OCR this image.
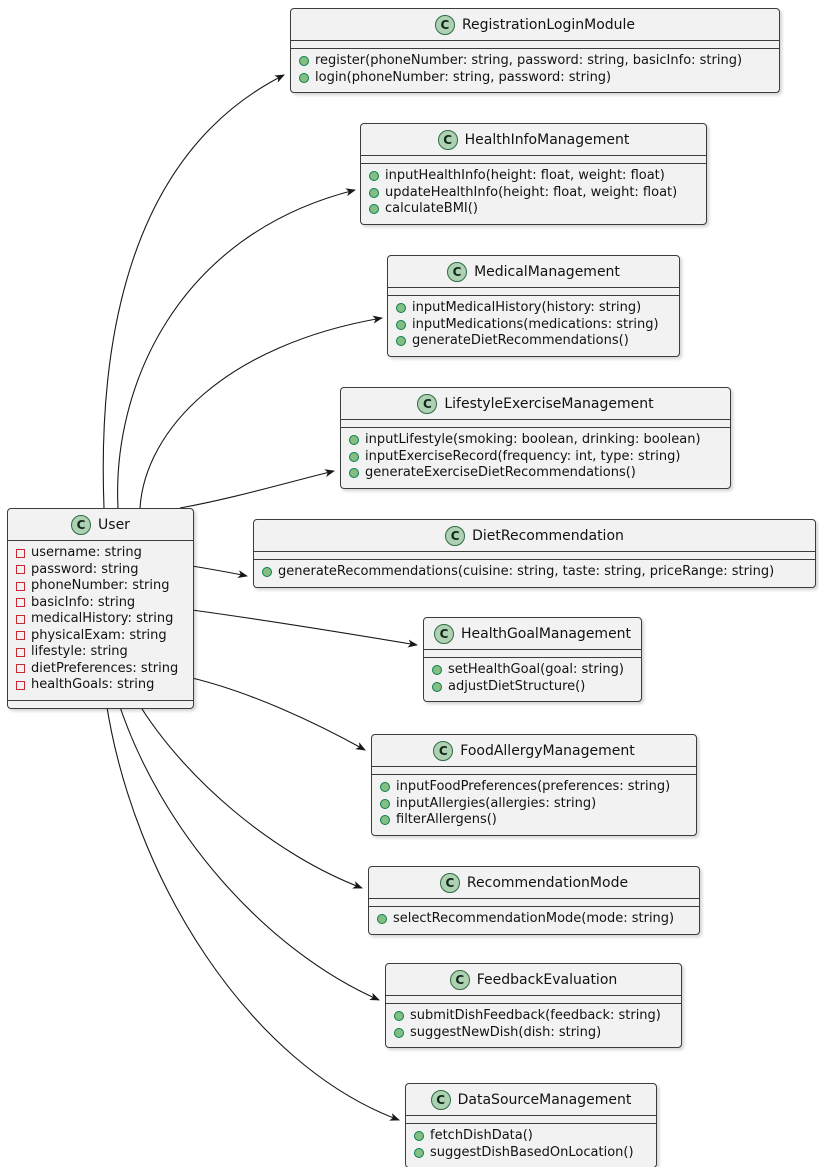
C User
username: string
password: string
phoneNumber: string
basicInfo: string
medicalHistory: string
physicalExam: string
lifestyle: string
dietPreferences: string
healthGoals: string
C RegistrationLoginModule
register(phoneNumber: string, password: string, basicInfo: string)
login(phoneNumber: string, password: string)
C HealthInfoManagement
inputHealthInfo(height: float, weight: float)
updateHealthInfo(height: float, weight: float)
calculateBMI()
C MedicalManagement
inputMedicalHistory(history: string)
inputMedications(medications: string)
generateDietRecommendations()
C LifestyleExerciseManagement
inputLifestyle(smoking: boolean, drinking: boolean)
inputExerciseRecord(frequency: int, type: string)
generateExerciseDietRecommendations()
C DietRecommendation
generateRecommendations(cuisine: string, taste: string, priceRange: string)
C HealthGoalManagement
setHealthGoal(goal: string)
adjustDietStructure()
C FoodAllergyManagement
inputFoodPreferences(preferences: string)
inputAllergies(allergies: string)
filterAllergens()
C RecommendationMode
selectRecommendationMode(mode: string)
C FeedbackEvaluation
submitDishFeedback(feedback: string)
suggestNewDish(dish: string)
C DataSourceManagement
fetchDishData()
suggestDishBasedOnLocation()
